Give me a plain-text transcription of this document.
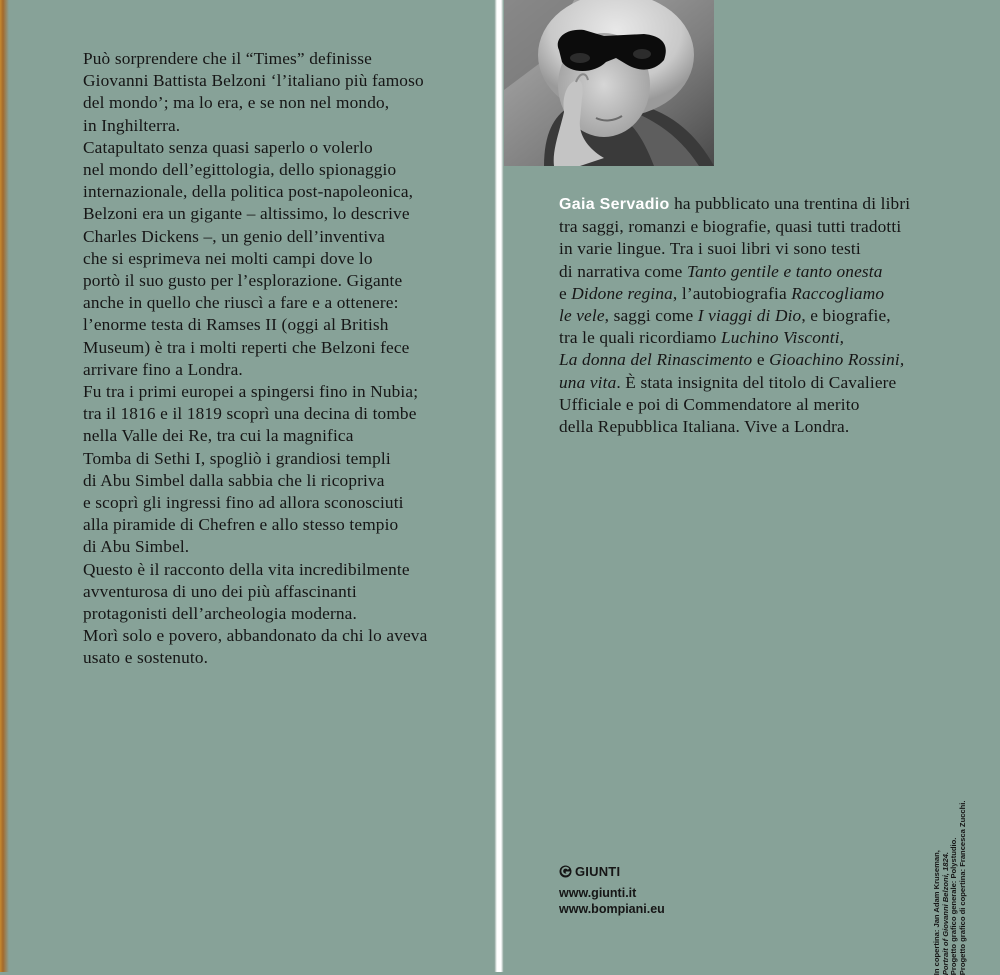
Può sorprendere che il “Times” definisse
Giovanni Battista Belzoni ‘l’italiano più famoso
del mondo’; ma lo era, e se non nel mondo,
in Inghilterra.
Catapultato senza quasi saperlo o volerlo
nel mondo dell’egittologia, dello spionaggio
internazionale, della politica post-napoleonica,
Belzoni era un gigante – altissimo, lo descrive
Charles Dickens –, un genio dell’inventiva
che si esprimeva nei molti campi dove lo
portò il suo gusto per l’esplorazione. Gigante
anche in quello che riuscì a fare e a ottenere:
l’enorme testa di Ramses II (oggi al British
Museum) è tra i molti reperti che Belzoni fece
arrivare fino a Londra.
Fu tra i primi europei a spingersi fino in Nubia;
tra il 1816 e il 1819 scoprì una decina di tombe
nella Valle dei Re, tra cui la magnifica
Tomba di Sethi I, spogliò i grandiosi templi
di Abu Simbel dalla sabbia che li ricopriva
e scoprì gli ingressi fino ad allora sconosciuti
alla piramide di Chefren e allo stesso tempio
di Abu Simbel.
Questo è il racconto della vita incredibilmente
avventurosa di uno dei più affascinanti
protagonisti dell’archeologia moderna.
Morì solo e povero, abbandonato da chi lo aveva
usato e sostenuto.
Gaia Servadio ha pubblicato una trentina di libri
tra saggi, romanzi e biografie, quasi tutti tradotti
in varie lingue. Tra i suoi libri vi sono testi
di narrativa come Tanto gentile e tanto onesta
e Didone regina, l’autobiografia Raccogliamo
le vele, saggi come I viaggi di Dio, e biografie,
tra le quali ricordiamo Luchino Visconti,
La donna del Rinascimento e Gioachino Rossini,
una vita. È stata insignita del titolo di Cavaliere
Ufficiale e poi di Commendatore al merito
della Repubblica Italiana. Vive a Londra.
GIUNTI
www.giunti.it
www.bompiani.eu	In copertina: Jan Adam Kruseman, Portrait of Giovanni Belzoni, 1824. Progetto grafico generale: Polystudio. Progetto grafico di copertina: Francesca Zucchi.
